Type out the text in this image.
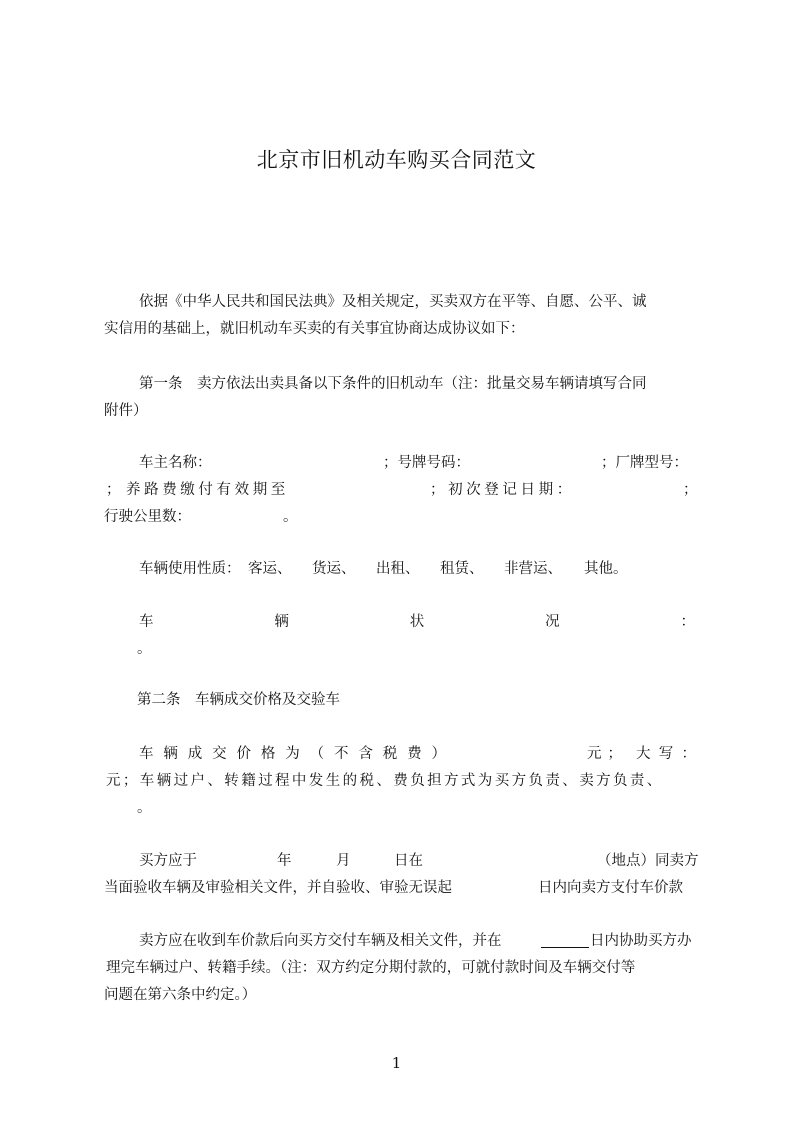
北京市旧机动车购买合同范文
依据《中华人民共和国民法典》及相关规定，买卖双方在平等、自愿、公平、诚
实信用的基础上，就旧机动车买卖的有关事宜协商达成协议如下：
第一条　卖方依法出卖具备以下条件的旧机动车（注：批量交易车辆请填写合同
附件）
车主名称：	；号牌号码：	；厂牌型号：
； 养路费缴付有效期至	；初次登记日期：	；
行驶公里数：	。
车辆使用性质： 客运、 货运、 出租、 租赁、 非营运、 其他。
车	辆	状	况	：
。
第二条　车辆成交价格及交验车
车 辆 成 交 价 格 为 （ 不 含 税 费 ）	元； 大 写 ：
元；车辆过户、转籍过程中发生的税、费负担方式为买方负责、卖方负责、
。
买方应于	年	月	日在	（地点）同卖方
当面验收车辆及审验相关文件，并自验收、审验无误起	日内向卖方支付车价款
卖方应在收到车价款后向买方交付车辆及相关文件，并在	日内协助买方办
理完车辆过户、转籍手续。（注：双方约定分期付款的，可就付款时间及车辆交付等
问题在第六条中约定。）
1
